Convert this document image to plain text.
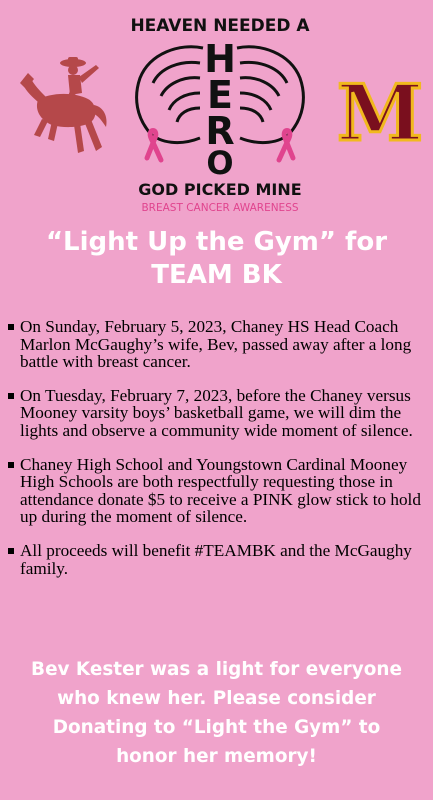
HEAVEN NEEDED A
H
E
R
O
GOD PICKED MINE
BREAST CANCER AWARENESS
M
“Light Up the Gym” for
TEAM BK
On Sunday, February 5, 2023, Chaney HS Head Coach Marlon McGaughy’s wife, Bev, passed away after a long battle with breast cancer.
On Tuesday, February 7, 2023, before the Chaney versus Mooney varsity boys’ basketball game, we will dim the lights and observe a community wide moment of silence.
Chaney High School and Youngstown Cardinal Mooney High Schools are both respectfully requesting those in attendance donate $5 to receive a PINK glow stick to hold up during the moment of silence.
All proceeds will benefit #TEAMBK and the McGaughy family.
Bev Kester was a light for everyone
who knew her. Please consider
Donating to “Light the Gym” to
honor her memory!
